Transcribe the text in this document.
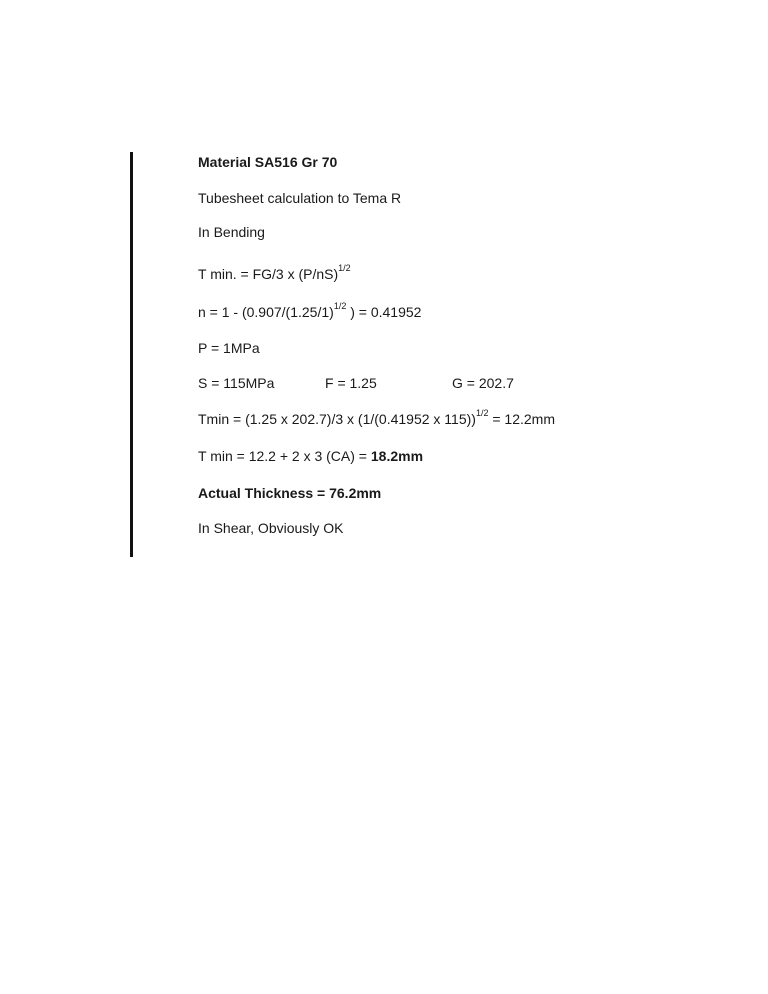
Material SA516 Gr 70
Tubesheet calculation to Tema R
In Bending
T min. = FG/3 x $(P/nS)^{1/2}$
$n = 1 - (0.907/(1.25/1)^{1/2}$ ) = 0.41952
P = 1MPa
S = 115MPa	F = 1.25	G = 202.7
Tmin = (1.25 x 202.7)/3 x (1/(0.41952 x 115))$^{1/2}$ = 12.2mm
T min = 12.2 + 2 x 3 (CA) = 18.2mm
Actual Thickness = 76.2mm
In Shear, Obviously OK
